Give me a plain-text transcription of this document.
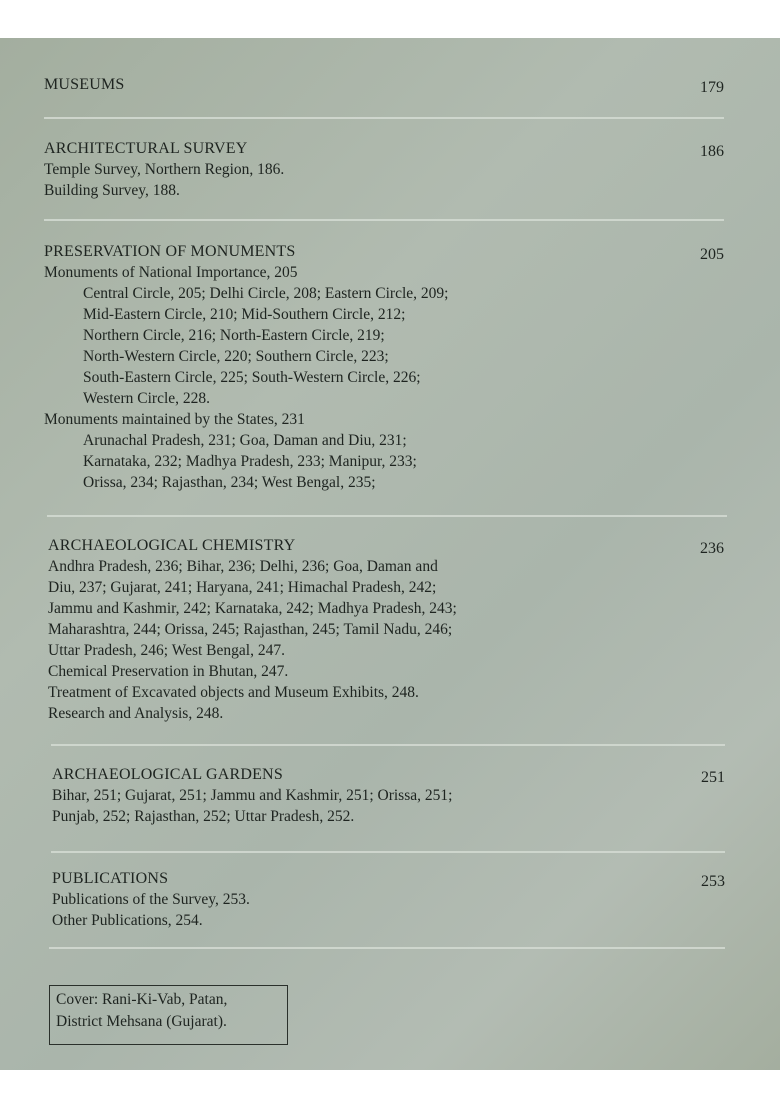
MUSEUMS	179
ARCHITECTURAL SURVEY	186
Temple Survey, Northern Region, 186.
Building Survey, 188.
PRESERVATION OF MONUMENTS	205
Monuments of National Importance, 205
Central Circle, 205; Delhi Circle, 208; Eastern Circle, 209;
Mid-Eastern Circle, 210; Mid-Southern Circle, 212;
Northern Circle, 216; North-Eastern Circle, 219;
North-Western Circle, 220; Southern Circle, 223;
South-Eastern Circle, 225; South-Western Circle, 226;
Western Circle, 228.
Monuments maintained by the States, 231
Arunachal Pradesh, 231; Goa, Daman and Diu, 231;
Karnataka, 232; Madhya Pradesh, 233; Manipur, 233;
Orissa, 234; Rajasthan, 234; West Bengal, 235;
ARCHAEOLOGICAL CHEMISTRY	236
Andhra Pradesh, 236; Bihar, 236; Delhi, 236; Goa, Daman and
Diu, 237; Gujarat, 241; Haryana, 241; Himachal Pradesh, 242;
Jammu and Kashmir, 242; Karnataka, 242; Madhya Pradesh, 243;
Maharashtra, 244; Orissa, 245; Rajasthan, 245; Tamil Nadu, 246;
Uttar Pradesh, 246; West Bengal, 247.
Chemical Preservation in Bhutan, 247.
Treatment of Excavated objects and Museum Exhibits, 248.
Research and Analysis, 248.
ARCHAEOLOGICAL GARDENS	251
Bihar, 251; Gujarat, 251; Jammu and Kashmir, 251; Orissa, 251;
Punjab, 252; Rajasthan, 252; Uttar Pradesh, 252.
PUBLICATIONS	253
Publications of the Survey, 253.
Other Publications, 254.
Cover: Rani-Ki-Vab, Patan,
District Mehsana (Gujarat).
